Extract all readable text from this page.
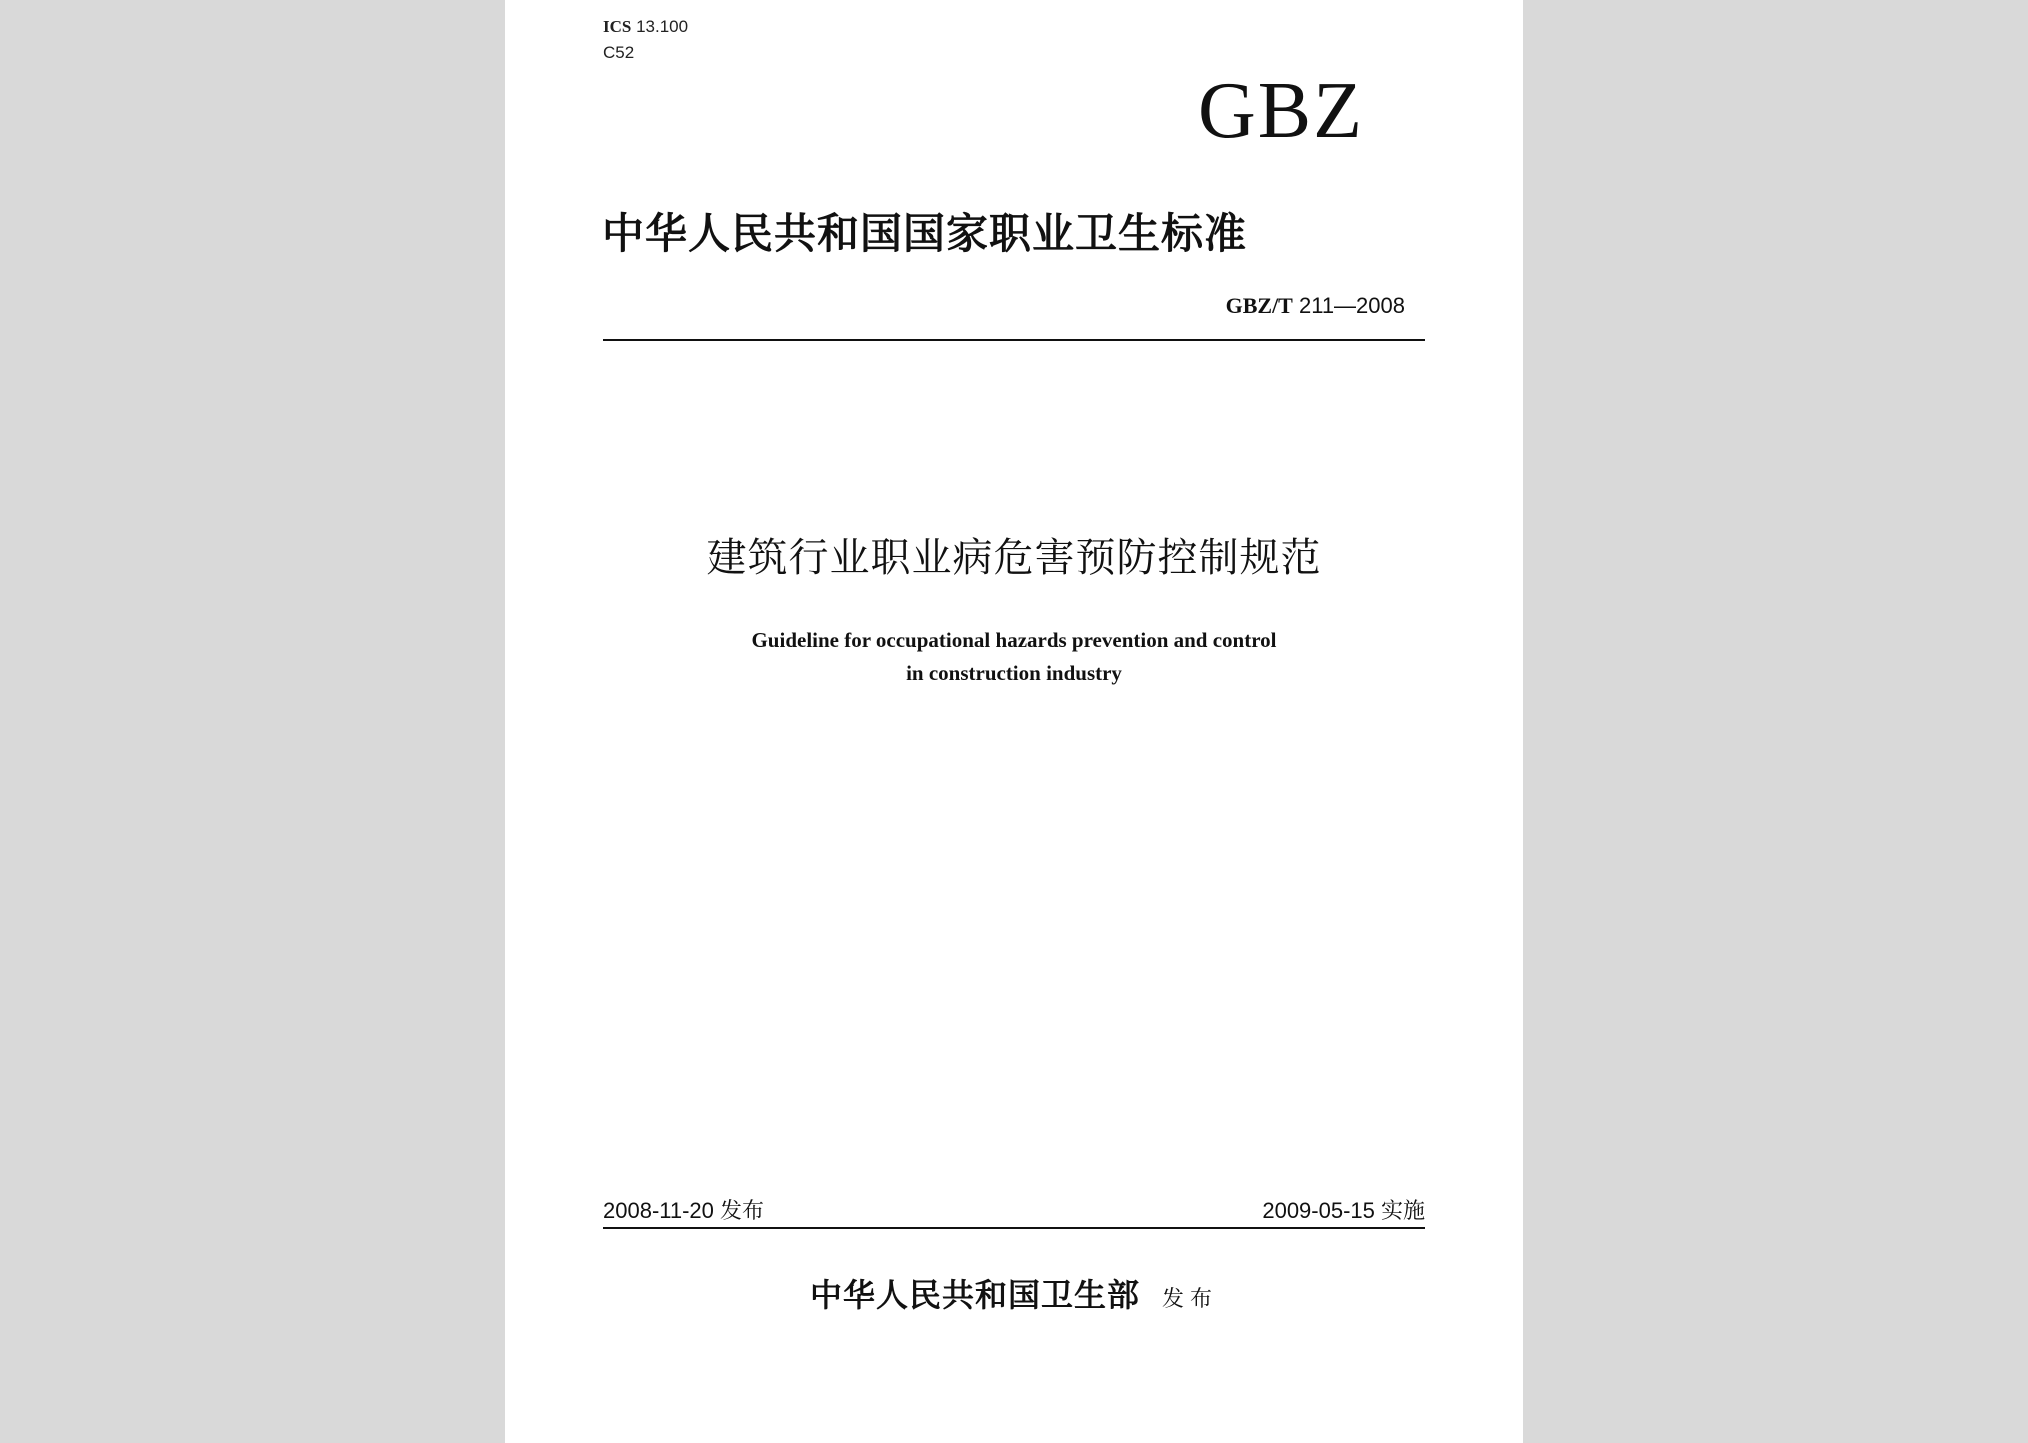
ICS 13.100
C52
GBZ
中华人民共和国国家职业卫生标准
GBZ/T 211—2008
建筑行业职业病危害预防控制规范
Guideline for occupational hazards prevention and control
in construction industry
2008-11-20 发布	2009-05-15 实施
中华人民共和国卫生部 发布
